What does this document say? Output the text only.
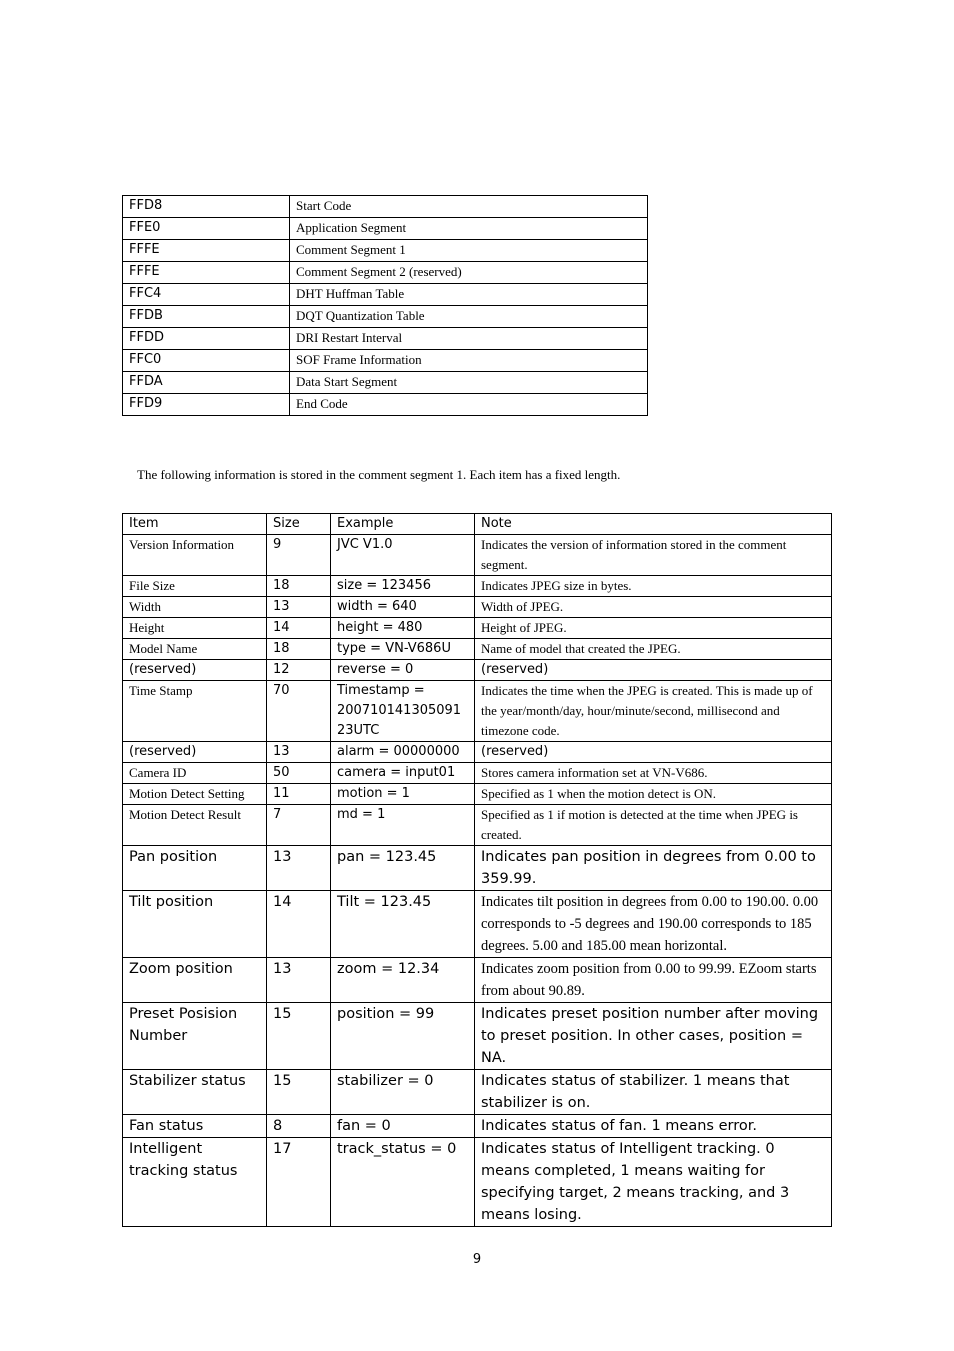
FFD8	Start Code
FFE0	Application Segment
FFFE	Comment Segment 1
FFFE	Comment Segment 2 (reserved)
FFC4	DHT Huffman Table
FFDB	DQT Quantization Table
FFDD	DRI Restart Interval
FFC0	SOF Frame Information
FFDA	Data Start Segment
FFD9	End Code
The following information is stored in the comment segment 1. Each item has a fixed length.
Item	Size	Example	Note
Version Information	9	JVC V1.0	Indicates the version of information stored in the comment segment.
File Size	18	size = 123456	Indicates JPEG size in bytes.
Width	13	width = 640	Width of JPEG.
Height	14	height = 480	Height of JPEG.
Model Name	18	type = VN-V686U	Name of model that created the JPEG.
(reserved)	12	reverse = 0	(reserved)
Time Stamp	70	Timestamp = 200710141305091 23UTC	Indicates the time when the JPEG is created. This is made up of the year/month/day, hour/minute/second, millisecond and timezone code.
(reserved)	13	alarm = 00000000	(reserved)
Camera ID	50	camera = input01	Stores camera information set at VN-V686.
Motion Detect Setting	11	motion = 1	Specified as 1 when the motion detect is ON.
Motion Detect Result	7	md = 1	Specified as 1 if motion is detected at the time when JPEG is created.
Pan position	13	pan = 123.45	Indicates pan position in degrees from 0.00 to 359.99.
Tilt position	14	Tilt = 123.45	Indicates tilt position in degrees from 0.00 to 190.00. 0.00 corresponds to -5 degrees and 190.00 corresponds to 185 degrees. 5.00 and 185.00 mean horizontal.
Zoom position	13	zoom = 12.34	Indicates zoom position from 0.00 to 99.99. EZoom starts from about 90.89.
Preset Posision Number	15	position = 99	Indicates preset position number after moving to preset position. In other cases, position = NA.
Stabilizer status	15	stabilizer = 0	Indicates status of stabilizer. 1 means that stabilizer is on.
Fan status	8	fan = 0	Indicates status of fan. 1 means error.
Intelligent tracking status	17	track_status = 0	Indicates status of Intelligent tracking. 0 means completed, 1 means waiting for specifying target, 2 means tracking, and 3 means losing.
9
